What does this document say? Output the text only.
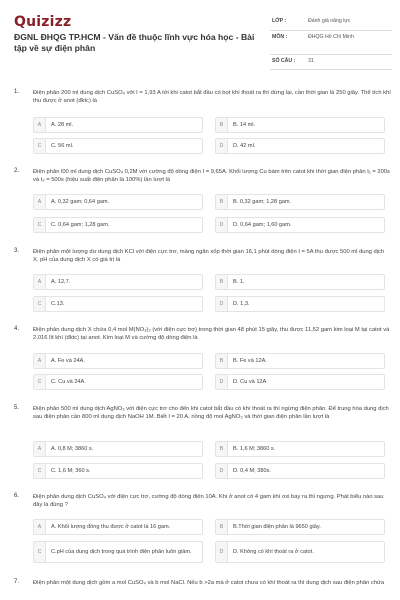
Quizizz
ĐGNL ĐHQG TP.HCM - Vấn đề thuộc lĩnh vực hóa học - Bài tập về sự điện phân
LỚP :	Đánh giá năng lực
MÔN :	ĐHQG Hồ Chí Minh
SỐ CÂU : 31
1. Điện phân 200 ml dung dịch CuSO₄ với I = 1,93 A tới khi catot bắt đầu có bọt khí thoát ra thì dừng lại, cần thời gian là 250 giây. Thể tích khí thu được ở anot (đktc) là
A	A. 28 ml.	B	B. 14 ml.
C	C. 56 ml.	D	D. 42 ml.
2. Điện phân l00 ml dung dịch CuSO₄ 0,2M với cường độ dòng điện I = 9,65A. Khối lượng Cu bám trên catot khi thời gian điện phân t₁ = 200s và t₂ = 500s (hiệu suất điện phân là 100%) lần lượt là
A	A. 0,32 gam; 0,64 gam.	B	B. 0,32 gam; 1,28 gam.
C	C. 0,64 gam; 1,28 gam.	D	D. 0,64 gam; 1,60 gam.
3. Điện phân một lượng dư dung dịch KCl với điện cực trơ, màng ngăn xốp thời gian 16,1 phút dòng điện I = 5A thu được 500 ml dung dịch X. pH của dung dịch X có giá trị là
A	A. 12,7.	B	B. 1.
C	C.13.	D	D. 1,3.
4. Điện phân dung dịch X chứa 0,4 mol M(NO₃)₂ (với điện cực trơ) trong thời gian 48 phút 15 giây, thu được 11,52 gam kim loại M tại catot và 2,016 lít khí (đktc) tại anot. Kim loại M và cường độ dòng điện là
A	A. Fe và 24A.	B	B. Fe và 12A.
C	C. Cu và 24A.	D	D. Cu và 12A
5. Điện phân 500 ml dung dịch AgNO₃ với điện cực trơ cho đến khi catot bắt đầu có khí thoát ra thì ngừng điện phân. Để trung hòa dung dịch sau điện phân cần 800 ml dung dịch NaOH 1M. Biết I = 20 A, nồng độ mol AgNO₃ và thời gian điện phân lần lượt là
A	A. 0,8 M; 3860 s.	B	B. 1,6 M; 3860 s.
C	C. 1,6 M; 360 s.	D	D. 0,4 M; 380s.
6. Điện phân dung dịch CuSO₄ với điện cực trơ, cường độ dòng điện 10A. Khi ở anot có 4 gam khí oxi bay ra thì ngưng. Phát biểu nào sau đây là đúng ?
A	A. Khối lượng đồng thu được ở catot là 16 gam.	B	B.Thời gian điện phân là 9650 giây.
C	C.pH của dung dịch trong quá trình điện phân luôn giảm.	D	D. Không có khí thoát ra ở catot.
7. Điện phân một dung dịch gồm a mol CuSO₄ và b mol NaCl. Nếu b >2a mà ở catot chưa có khí thoát ra thì dung dịch sau điện phân chứa
